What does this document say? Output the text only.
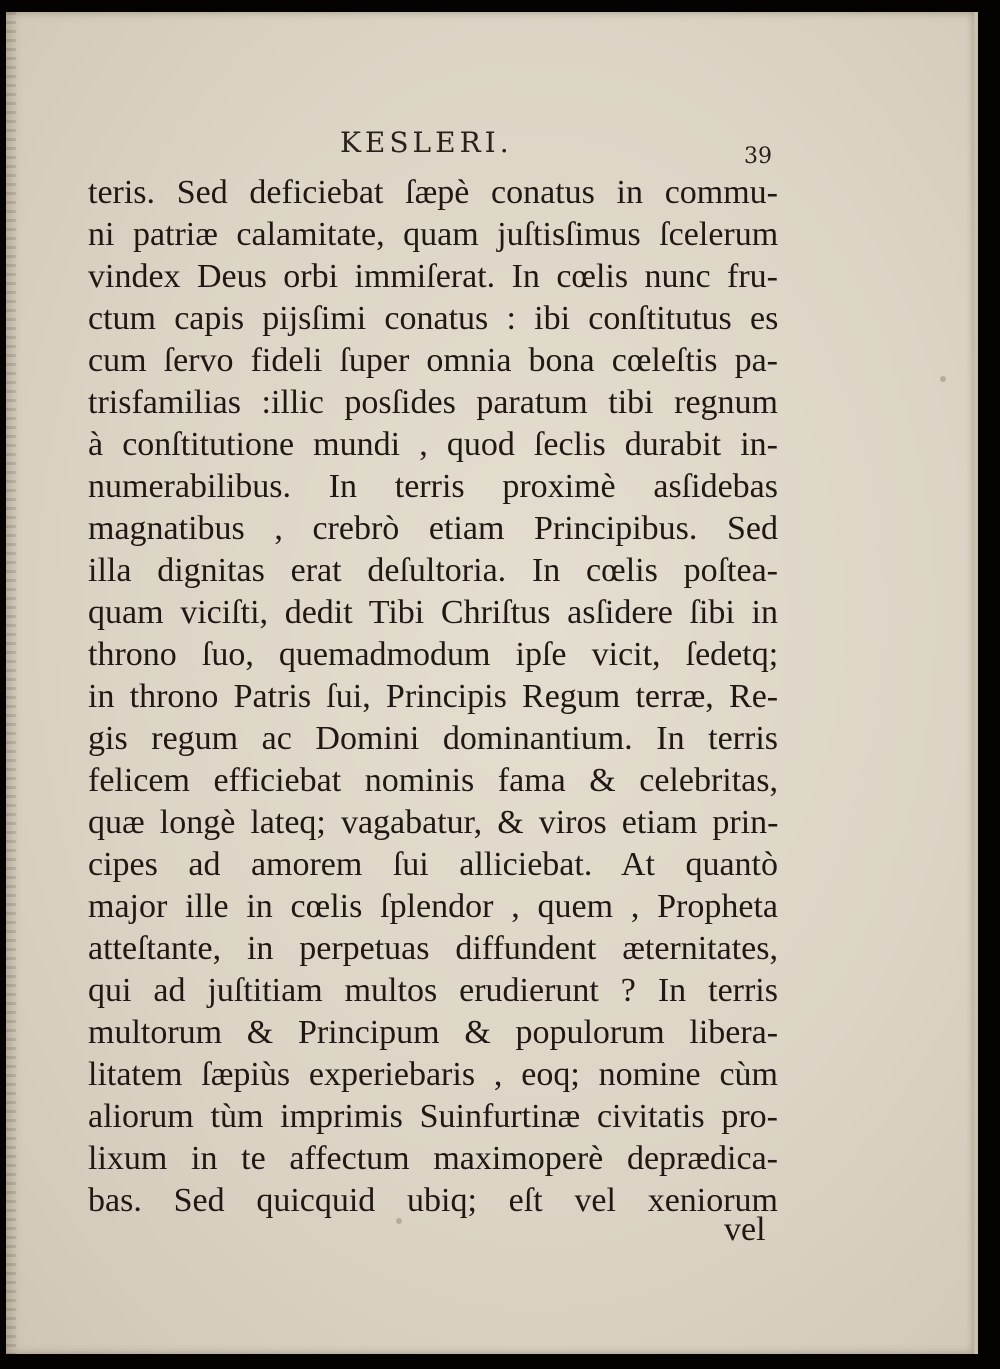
KESLERI.	39
teris. Sed deficiebat ſæpè conatus in commu-
ni patriæ calamitate, quam juſtisſimus ſcelerum
vindex Deus orbi immiſerat. In cœlis nunc fru-
ctum capis pijsſimi conatus : ibi conſtitutus es
cum ſervo fideli ſuper omnia bona cœleſtis pa-
trisfamilias :illic posſides paratum tibi regnum
à conſtitutione mundi , quod ſeclis durabit in-
numerabilibus. In terris proximè asſidebas
magnatibus , crebrò etiam Principibus. Sed
illa dignitas erat deſultoria. In cœlis poſtea-
quam viciſti, dedit Tibi Chriſtus asſidere ſibi in
throno ſuo, quemadmodum ipſe vicit, ſedetq;
in throno Patris ſui, Principis Regum terræ, Re-
gis regum ac Domini dominantium. In terris
felicem efficiebat nominis fama & celebritas,
quæ longè lateq; vagabatur, & viros etiam prin-
cipes ad amorem ſui alliciebat. At quantò
major ille in cœlis ſplendor , quem , Propheta
atteſtante, in perpetuas diffundent æternitates,
qui ad juſtitiam multos erudierunt ? In terris
multorum & Principum & populorum libera-
litatem ſæpiùs experiebaris , eoq; nomine cùm
aliorum tùm imprimis Suinfurtinæ civitatis pro-
lixum in te affectum maximoperè deprædica-
bas. Sed quicquid ubiq; eſt vel xeniorum
vel
